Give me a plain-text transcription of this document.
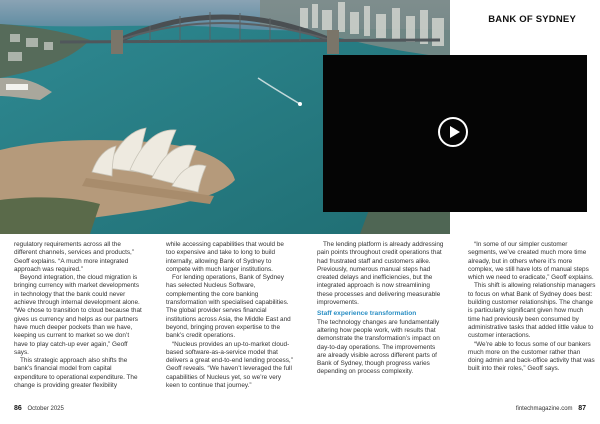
BANK OF SYDNEY

regulatory requirements across all the different channels, services and products,” Geoff explains. “A much more integrated approach was required.”

Beyond integration, the cloud migration is bringing currency with market developments in technology that the bank could never achieve through internal development alone. “We chose to transition to cloud because that gives us currency and helps as our partners have much deeper pockets than we have, keeping us current to market so we don’t have to play catch-up ever again,” Geoff says.

This strategic approach also shifts the bank’s financial model from capital expenditure to operational expenditure. The change is providing greater flexibility

while accessing capabilities that would be too expensive and take to long to build internally, allowing Bank of Sydney to compete with much larger institutions.

For lending operations, Bank of Sydney has selected Nucleus Software, complementing the core banking transformation with specialised capabilities. The global provider serves financial institutions across Asia, the Middle East and beyond, bringing proven expertise to the bank’s credit operations.

“Nucleus provides an up-to-market cloud-based software-as-a-service model that delivers a great end-to-end lending process,” Geoff reveals. “We haven’t leveraged the full capabilities of Nucleus yet, so we’re very keen to continue that journey.”

The lending platform is already addressing pain points throughout credit operations that had frustrated staff and customers alike. Previously, numerous manual steps had created delays and inefficiencies, but the integrated approach is now streamlining these processes and delivering measurable improvements.

Staff experience transformation

The technology changes are fundamentally altering how people work, with results that demonstrate the transformation’s impact on day-to-day operations. The improvements are already visible across different parts of Bank of Sydney, though progress varies depending on process complexity.

“In some of our simpler customer segments, we’ve created much more time already, but in others where it’s more complex, we still have lots of manual steps which we need to eradicate,” Geoff explains.

This shift is allowing relationship managers to focus on what Bank of Sydney does best: building customer relationships. The change is particularly significant given how much time had previously been consumed by administrative tasks that added little value to customer interactions.

“We’re able to focus some of our bankers much more on the customer rather than doing admin and back-office activity that was built into their roles,” Geoff says.

86 October 2025	fintechmagazine.com 87
